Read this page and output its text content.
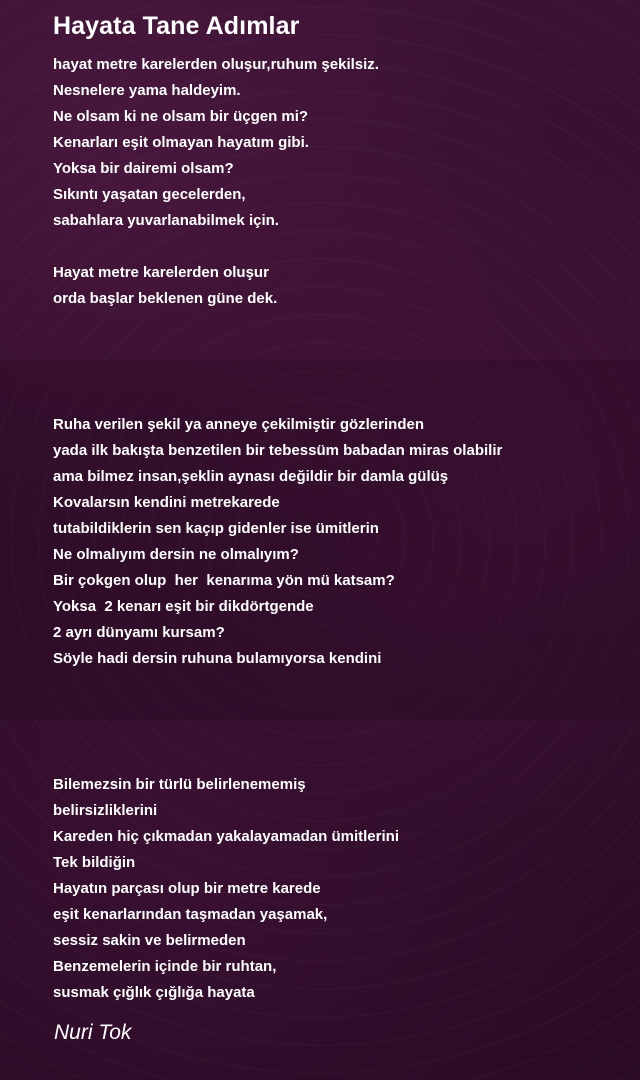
Hayata Tane Adımlar
hayat metre karelerden oluşur,ruhum şekilsiz.
Nesnelere yama haldeyim.
Ne olsam ki ne olsam bir üçgen mi?
Kenarları eşit olmayan hayatım gibi.
Yoksa bir dairemi olsam?
Sıkıntı yaşatan gecelerden,
sabahlara yuvarlanabilmek için.
Hayat metre karelerden oluşur
orda başlar beklenen güne dek.
Ruha verilen şekil ya anneye çekilmiştir gözlerinden
yada ilk bakışta benzetilen bir tebessüm babadan miras olabilir
ama bilmez insan,şeklin aynası değildir bir damla gülüş
Kovalarsın kendini metrekarede
tutabildiklerin sen kaçıp gidenler ise ümitlerin
Ne olmalıyım dersin ne olmalıyım?
Bir çokgen olup  her  kenarıma yön mü katsam?
Yoksa  2 kenarı eşit bir dikdörtgende
2 ayrı dünyamı kursam?
Söyle hadi dersin ruhuna bulamıyorsa kendini
Bilemezsin bir türlü belirlenememiş
belirsizliklerini
Kareden hiç çıkmadan yakalayamadan ümitlerini
Tek bildiğin
Hayatın parçası olup bir metre karede
eşit kenarlarından taşmadan yaşamak,
sessiz sakin ve belirmeden
Benzemelerin içinde bir ruhtan,
susmak çığlık çığlığa hayata

Nuri Tok
